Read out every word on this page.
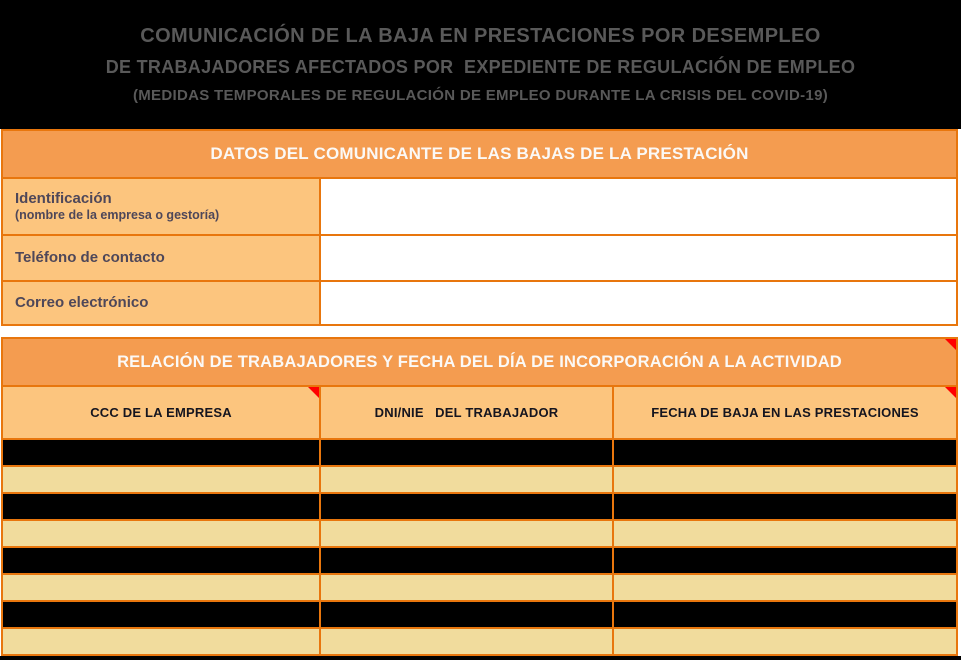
COMUNICACIÓN DE LA BAJA EN PRESTACIONES POR DESEMPLEO
DE TRABAJADORES AFECTADOS POR  EXPEDIENTE DE REGULACIÓN DE EMPLEO
(MEDIDAS TEMPORALES DE REGULACIÓN DE EMPLEO DURANTE LA CRISIS DEL COVID-19)
DATOS DEL COMUNICANTE DE LAS BAJAS DE LA PRESTACIÓN
Identificación
(nombre de la empresa o gestoría)
Teléfono de contacto
Correo electrónico
RELACIÓN DE TRABAJADORES Y FECHA DEL DÍA DE INCORPORACIÓN A LA ACTIVIDAD
CCC DE LA EMPRESA	DNI/NIE   DEL TRABAJADOR	FECHA DE BAJA EN LAS PRESTACIONES
